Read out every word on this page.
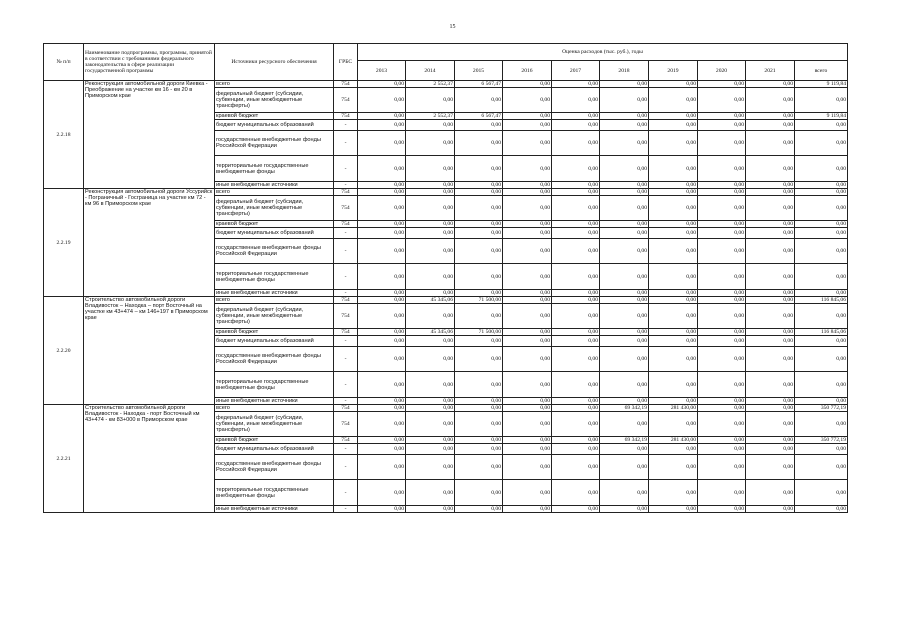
15
№ п/п	Наименование подпрограммы, программы, принятой в соответствии с требованиями федерального законодательства в сфере реализации государственной программы	Источники ресурсного обеспечения	ГРБС	Оценка расходов (тыс. руб.), годы									
				2013	2014	2015	2016	2017	2018	2019	2020	2021	всего
2.2.18	Реконструкция автомобильной дороги Киевка - Преображение на участке км 16 - км 20 в Приморском крае	всего	754	0,00	2 552,37	6 567,47	0,00	0,00	0,00	0,00	0,00	0,00	9 119,84
		федеральный бюджет (субсидии, субвенции, иные межбюджетные трансферты)	754	0,00	0,00	0,00	0,00	0,00	0,00	0,00	0,00	0,00	0,00
		краевой бюджет	754	0,00	2 552,37	6 567,47	0,00	0,00	0,00	0,00	0,00	0,00	9 119,84
		бюджет муниципальных образований	-	0,00	0,00	0,00	0,00	0,00	0,00	0,00	0,00	0,00	0,00
		государственные внебюджетные фонды Российской Федерации	-	0,00	0,00	0,00	0,00	0,00	0,00	0,00	0,00	0,00	0,00
		территориальные государственные внебюджетные фонды	-	0,00	0,00	0,00	0,00	0,00	0,00	0,00	0,00	0,00	0,00
		иные внебюджетные источники	-	0,00	0,00	0,00	0,00	0,00	0,00	0,00	0,00	0,00	0,00
2.2.19	Реконструкция автомобильной дороги Уссурийск - Пограничный - Госграница на участке км 72 - км 96 в Приморском крае	всего	754	0,00	0,00	0,00	0,00	0,00	0,00	0,00	0,00	0,00	0,00
		федеральный бюджет (субсидии, субвенции, иные межбюджетные трансферты)	754	0,00	0,00	0,00	0,00	0,00	0,00	0,00	0,00	0,00	0,00
		краевой бюджет	754	0,00	0,00	0,00	0,00	0,00	0,00	0,00	0,00	0,00	0,00
		бюджет муниципальных образований	-	0,00	0,00	0,00	0,00	0,00	0,00	0,00	0,00	0,00	0,00
		государственные внебюджетные фонды Российской Федерации	-	0,00	0,00	0,00	0,00	0,00	0,00	0,00	0,00	0,00	0,00
		территориальные государственные внебюджетные фонды	-	0,00	0,00	0,00	0,00	0,00	0,00	0,00	0,00	0,00	0,00
		иные внебюджетные источники	-	0,00	0,00	0,00	0,00	0,00	0,00	0,00	0,00	0,00	0,00
2.2.20	Строительство автомобильной дороги Владивосток – Находка – порт Восточный на участке км 43+474 – км 146+197 в Приморском крае	всего	754	0,00	45 345,06	71 500,00	0,00	0,00	0,00	0,00	0,00	0,00	116 845,06
		федеральный бюджет (субсидии, субвенции, иные межбюджетные трансферты)	754	0,00	0,00	0,00	0,00	0,00	0,00	0,00	0,00	0,00	0,00
		краевой бюджет	754	0,00	45 345,06	71 500,00	0,00	0,00	0,00	0,00	0,00	0,00	116 845,06
		бюджет муниципальных образований	-	0,00	0,00	0,00	0,00	0,00	0,00	0,00	0,00	0,00	0,00
		государственные внебюджетные фонды Российской Федерации	-	0,00	0,00	0,00	0,00	0,00	0,00	0,00	0,00	0,00	0,00
		территориальные государственные внебюджетные фонды	-	0,00	0,00	0,00	0,00	0,00	0,00	0,00	0,00	0,00	0,00
		иные внебюджетные источники	-	0,00	0,00	0,00	0,00	0,00	0,00	0,00	0,00	0,00	0,00
2.2.21	Строительство автомобильной дороги Владивосток - Находка - порт Восточный км 43+474 - км 83+000 в Приморском крае	всего	754	0,00	0,00	0,00	0,00	0,00	69 342,19	281 430,00	0,00	0,00	350 772,19
		федеральный бюджет (субсидии, субвенции, иные межбюджетные трансферты)	754	0,00	0,00	0,00	0,00	0,00	0,00	0,00	0,00	0,00	0,00
		краевой бюджет	754	0,00	0,00	0,00	0,00	0,00	69 342,19	281 430,00	0,00	0,00	350 772,19
		бюджет муниципальных образований	-	0,00	0,00	0,00	0,00	0,00	0,00	0,00	0,00	0,00	0,00
		государственные внебюджетные фонды Российской Федерации	-	0,00	0,00	0,00	0,00	0,00	0,00	0,00	0,00	0,00	0,00
		территориальные государственные внебюджетные фонды	-	0,00	0,00	0,00	0,00	0,00	0,00	0,00	0,00	0,00	0,00
		иные внебюджетные источники	-	0,00	0,00	0,00	0,00	0,00	0,00	0,00	0,00	0,00	0,00
